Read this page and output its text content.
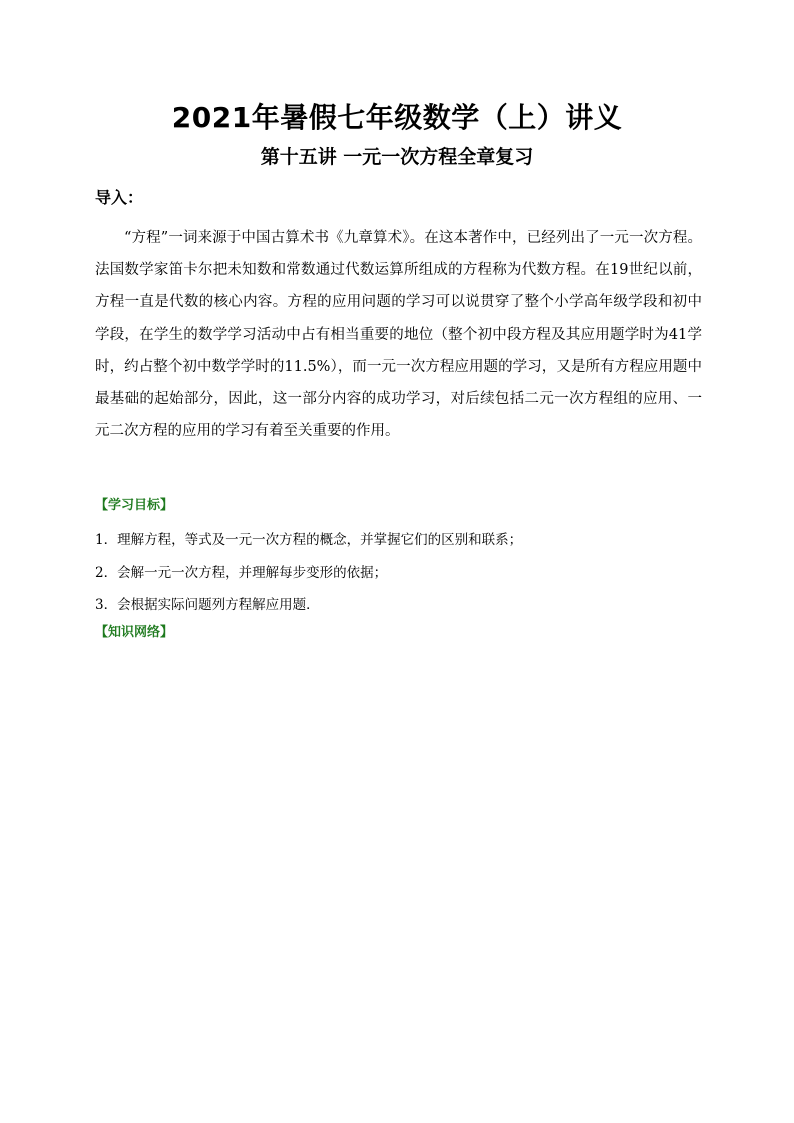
2021年暑假七年级数学（上）讲义
第十五讲 一元一次方程全章复习
导入：

“方程”一词来源于中国古算术书《九章算术》。在这本著作中，已经列出了一元一次方程。法国数学家笛卡尔把未知数和常数通过代数运算所组成的方程称为代数方程。在19世纪以前，方程一直是代数的核心内容。方程的应用问题的学习可以说贯穿了整个小学高年级学段和初中学段，在学生的数学学习活动中占有相当重要的地位（整个初中段方程及其应用题学时为41学时，约占整个初中数学学时的11.5%），而一元一次方程应用题的学习，又是所有方程应用题中最基础的起始部分，因此，这一部分内容的成功学习，对后续包括二元一次方程组的应用、一元二次方程的应用的学习有着至关重要的作用。

【学习目标】

1．理解方程，等式及一元一次方程的概念，并掌握它们的区别和联系；

2．会解一元一次方程，并理解每步变形的依据；

3．会根据实际问题列方程解应用题．

【知识网络】
